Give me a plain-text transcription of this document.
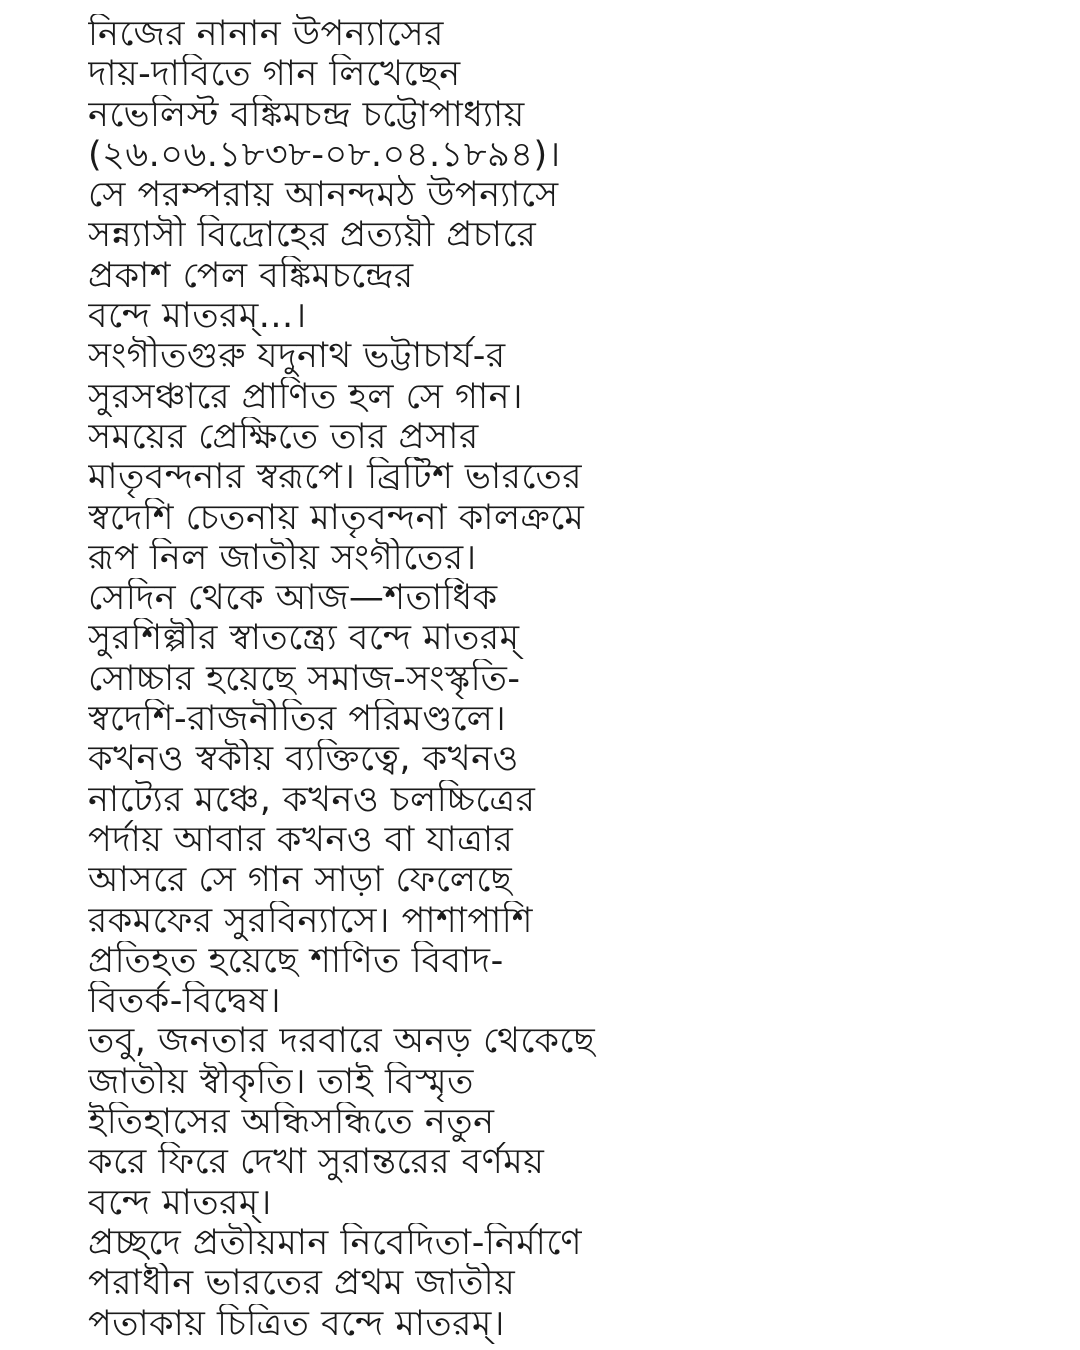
নিজের নানান উপন্যাসের
দায়-দাবিতে গান লিখেছেন
নভেলিস্ট বঙ্কিমচন্দ্র চট্টোপাধ্যায়
(২৬.০৬.১৮৩৮-০৮.০৪.১৮৯৪)।
সে পরম্পরায় আনন্দমঠ উপন্যাসে
সন্ন্যাসী বিদ্রোহের প্রত্যয়ী প্রচারে
প্রকাশ পেল বঙ্কিমচন্দ্রের
বন্দে মাতরম্...।
সংগীতগুরু যদুনাথ ভট্টাচার্য-র
সুরসঞ্চারে প্রাণিত হল সে গান।
সময়ের প্রেক্ষিতে তার প্রসার
মাতৃবন্দনার স্বরূপে। ব্রিটিশ ভারতের
স্বদেশি চেতনায় মাতৃবন্দনা কালক্রমে
রূপ নিল জাতীয় সংগীতের।
সেদিন থেকে আজ—শতাধিক
সুরশিল্পীর স্বাতন্ত্র্যে বন্দে মাতরম্
সোচ্চার হয়েছে সমাজ-সংস্কৃতি-
স্বদেশি-রাজনীতির পরিমণ্ডলে।
কখনও স্বকীয় ব্যক্তিত্বে, কখনও
নাট্যের মঞ্চে, কখনও চলচ্চিত্রের
পর্দায় আবার কখনও বা যাত্রার
আসরে সে গান সাড়া ফেলেছে
রকমফের সুরবিন্যাসে। পাশাপাশি
প্রতিহত হয়েছে শাণিত বিবাদ-
বিতর্ক-বিদ্বেষ।
তবু, জনতার দরবারে অনড় থেকেছে
জাতীয় স্বীকৃতি। তাই বিস্মৃত
ইতিহাসের অন্ধিসন্ধিতে নতুন
করে ফিরে দেখা সুরান্তরের বর্ণময়
বন্দে মাতরম্।
প্রচ্ছদে প্রতীয়মান নিবেদিতা-নির্মাণে
পরাধীন ভারতের প্রথম জাতীয়
পতাকায় চিত্রিত বন্দে মাতরম্।
